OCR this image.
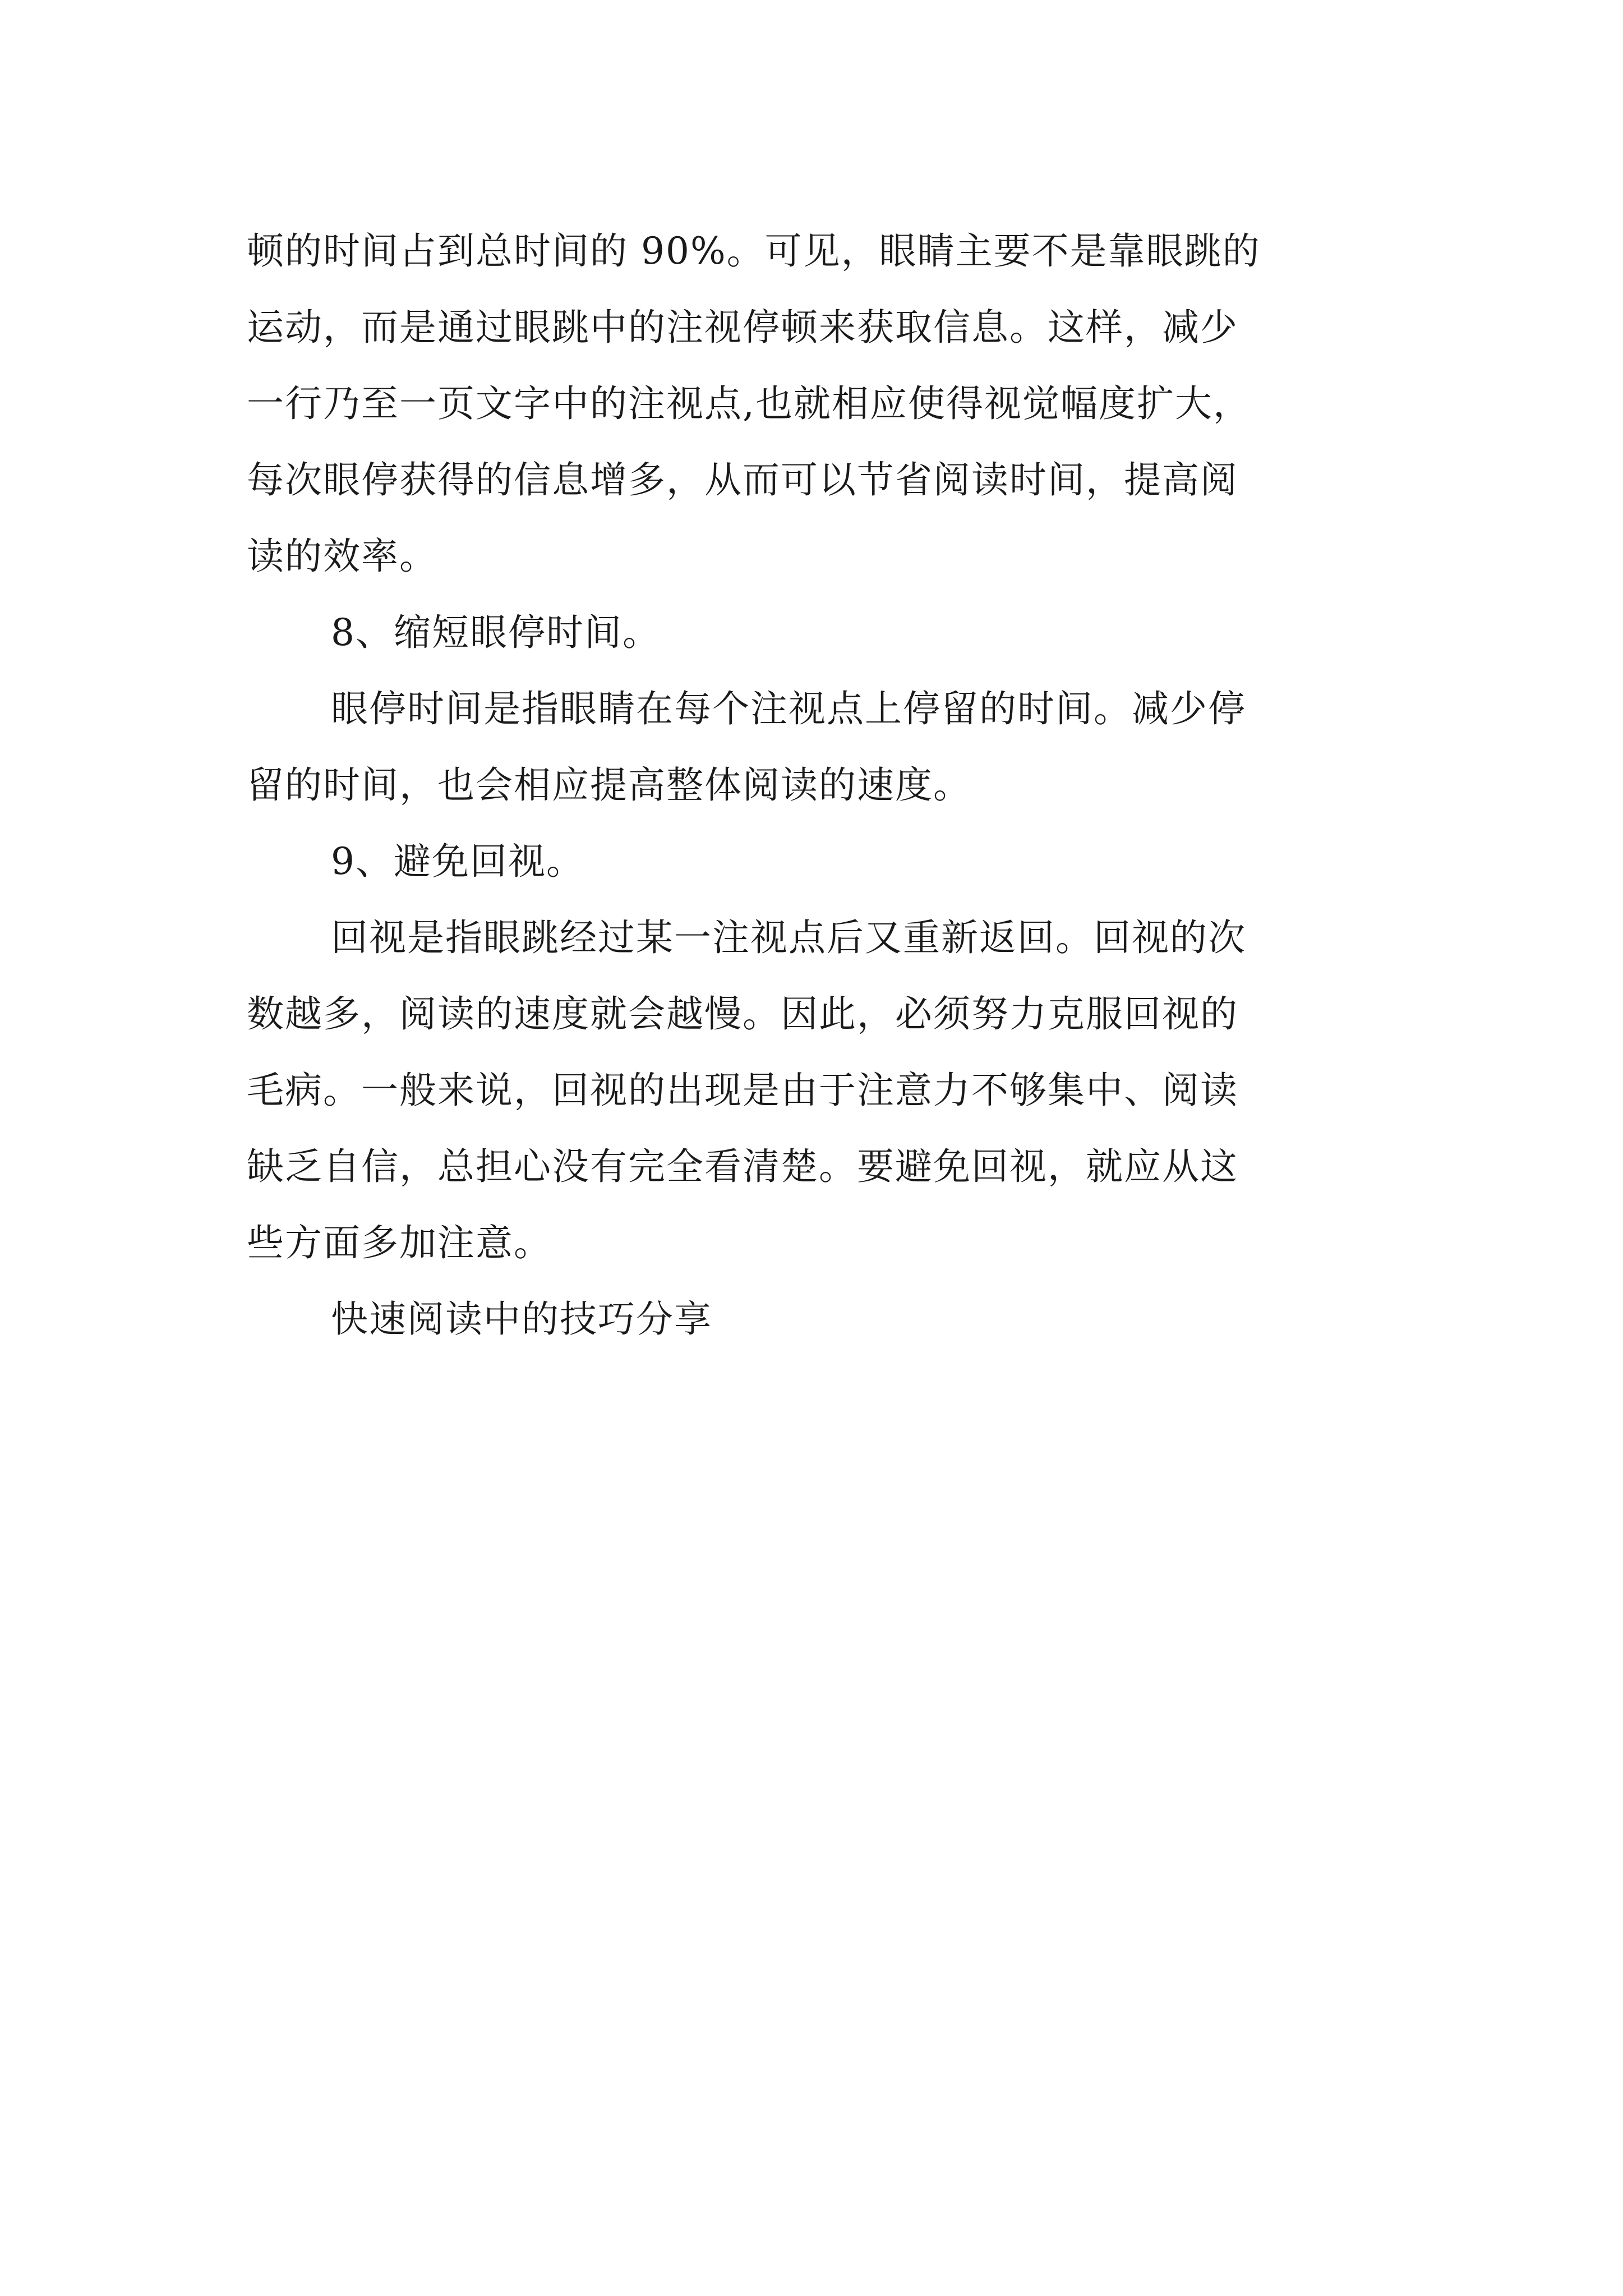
顿的时间占到总时间的 90%。可见，眼睛主要不是靠眼跳的
运动，而是通过眼跳中的注视停顿来获取信息。这样，减少
一行乃至一页文字中的注视点,也就相应使得视觉幅度扩大，
每次眼停获得的信息增多，从而可以节省阅读时间，提高阅
读的效率。
8、缩短眼停时间。
眼停时间是指眼睛在每个注视点上停留的时间。减少停
留的时间，也会相应提高整体阅读的速度。
9、避免回视。
回视是指眼跳经过某一注视点后又重新返回。回视的次
数越多，阅读的速度就会越慢。因此，必须努力克服回视的
毛病。一般来说，回视的出现是由于注意力不够集中、阅读
缺乏自信，总担心没有完全看清楚。要避免回视，就应从这
些方面多加注意。
快速阅读中的技巧分享
